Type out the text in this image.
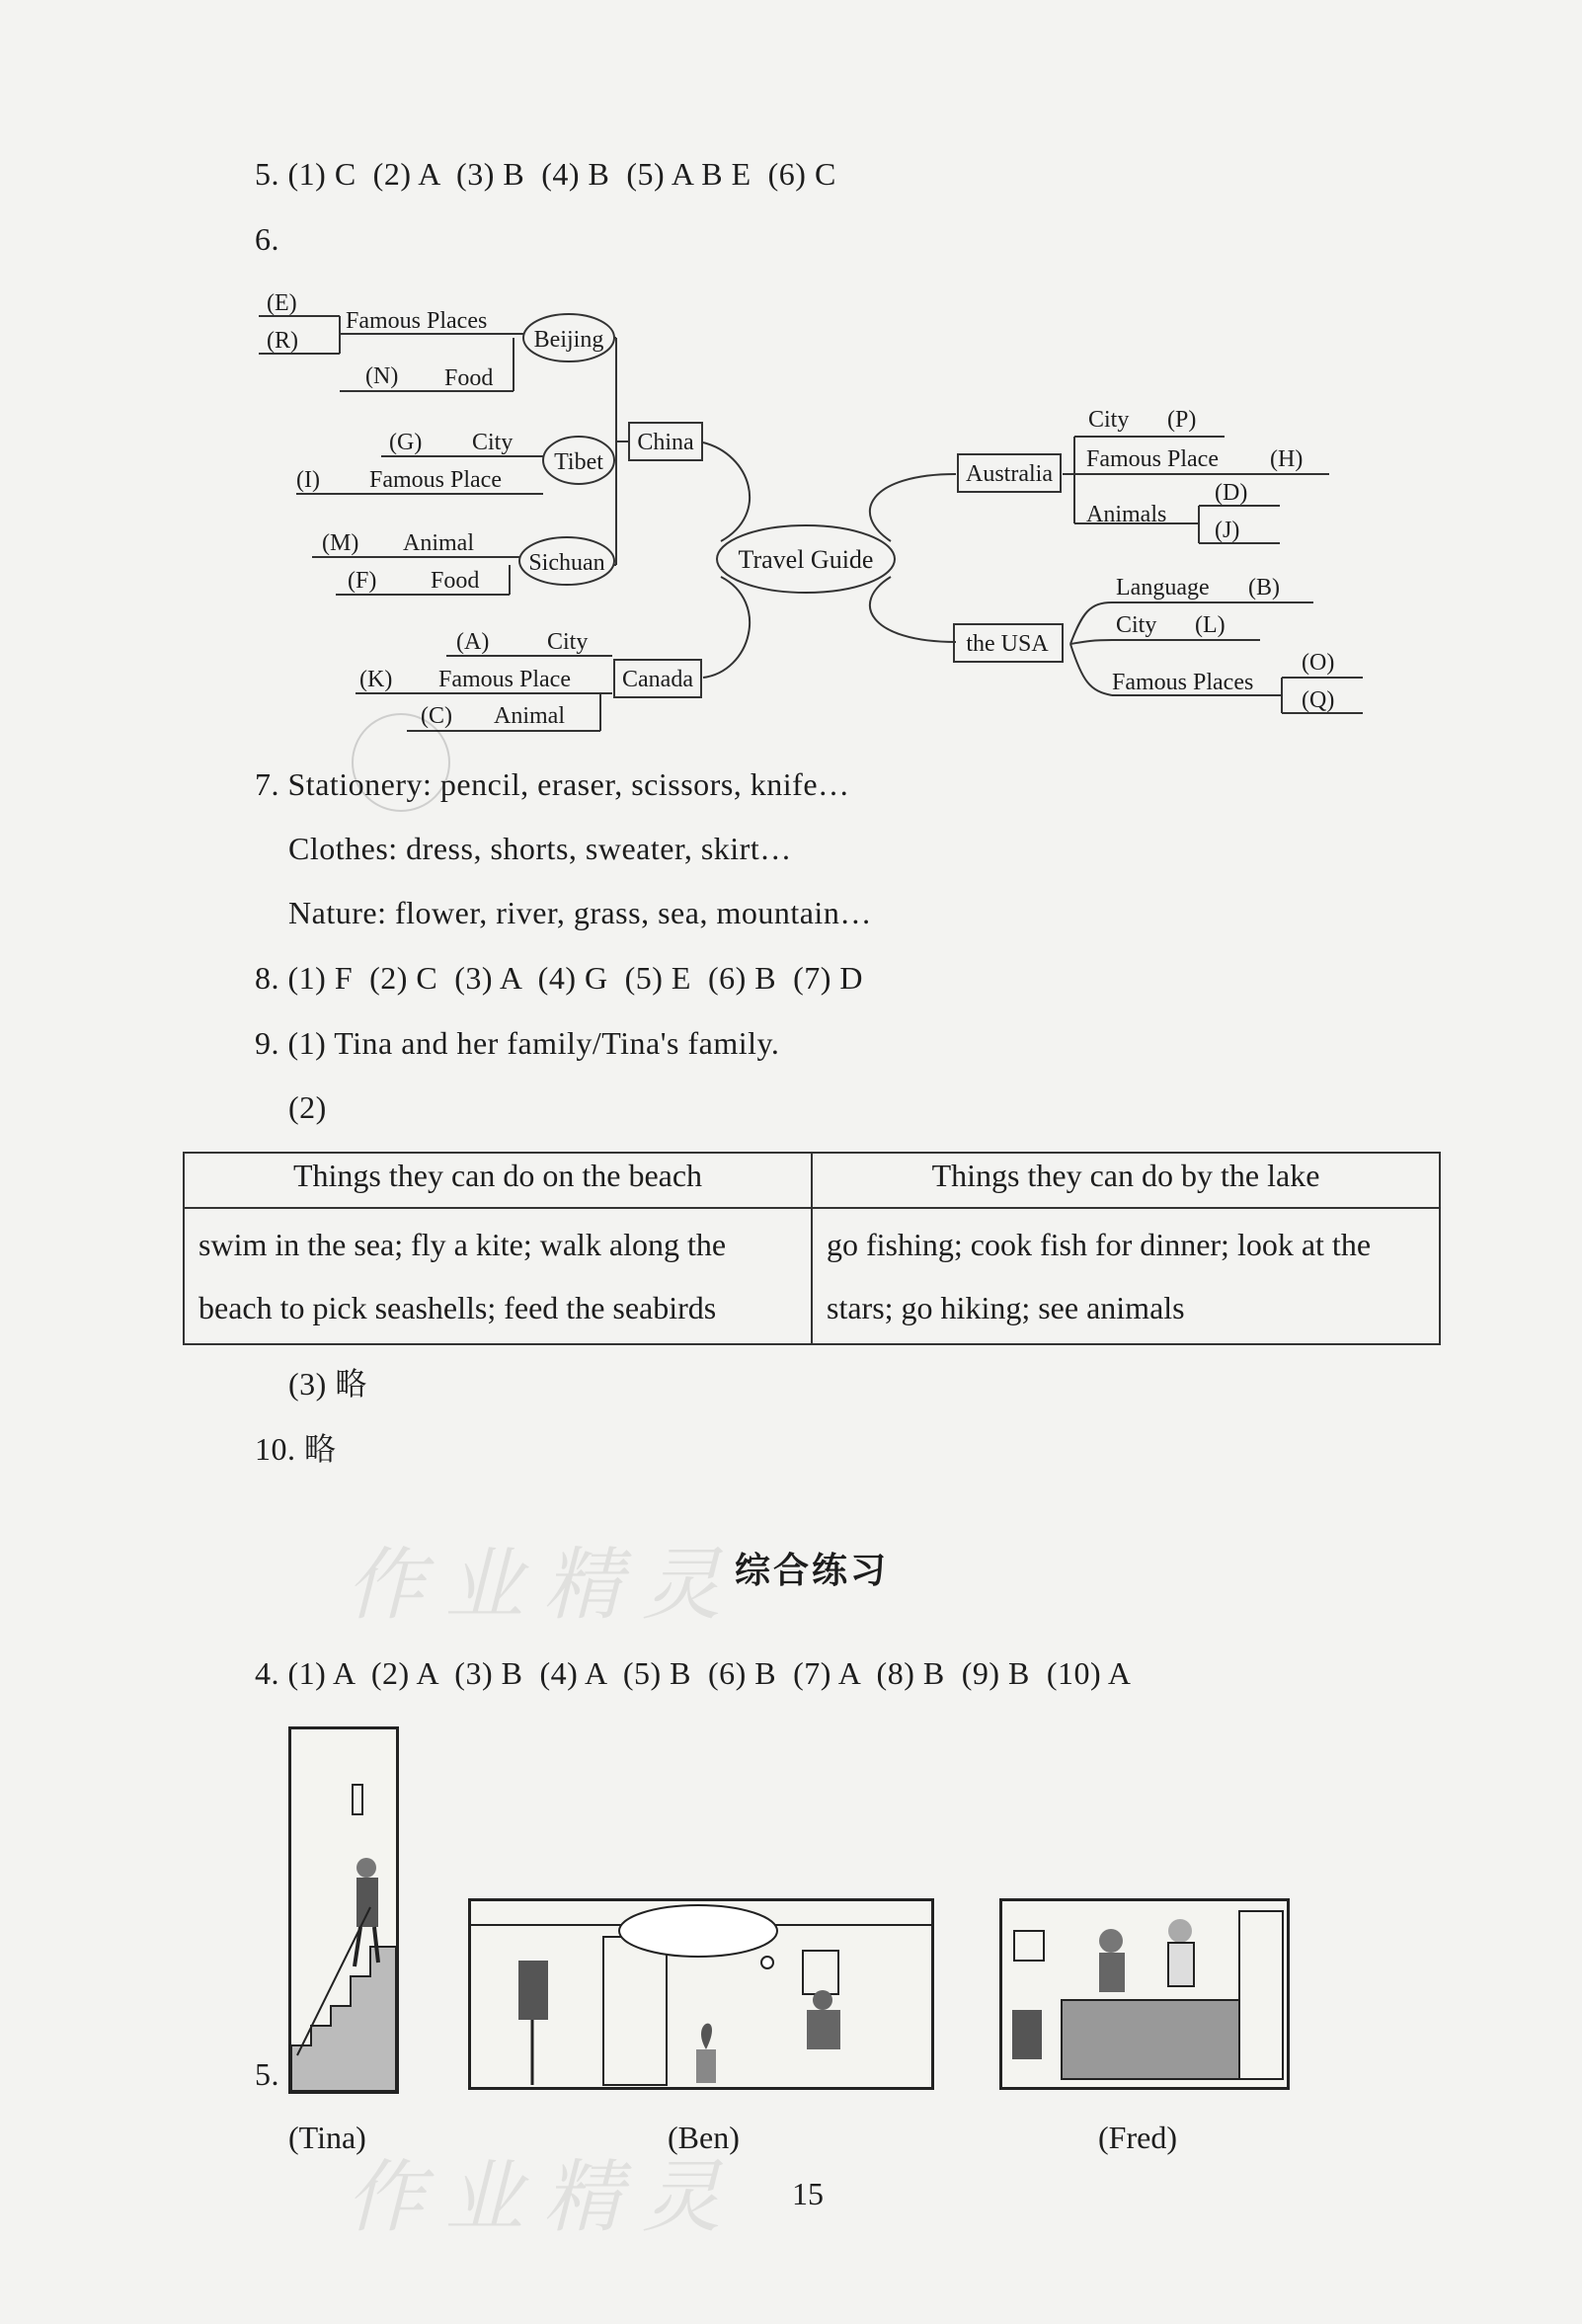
5. (1) C  (2) A  (3) B  (4) B  (5) A B E  (6) C
6.
Travel Guide
China
Beijing
Famous Places
Food
(E)
(R)
(N)
Tibet
(G) City
(I) Famous Place
Sichuan
(M) Animal
(F) Food
Canada
(A) City
(K) Famous Place
(C) Animal
Australia
City (P)
Famous Place (H)
Animals
(D)
(J)
the USA
Language (B)
City (L)
Famous Places
(O)
(Q)
7. Stationery: pencil, eraser, scissors, knife…
Clothes: dress, shorts, sweater, skirt…
Nature: flower, river, grass, sea, mountain…
8. (1) F  (2) C  (3) A  (4) G  (5) E  (6) B  (7) D
9. (1) Tina and her family/Tina's family.
(2)
Things they can do on the beach	Things they can do by the lake
swim in the sea; fly a kite; walk along the beach to pick seashells; feed the seabirds	go fishing; cook fish for dinner; look at the stars; go hiking; see animals
(3) 略
10. 略
作业精灵
综合练习
4. (1) A  (2) A  (3) B  (4) A  (5) B  (6) B  (7) A  (8) B  (9) B  (10) A
5.
(Tina)	(Ben)	(Fred)
作业精灵 15
